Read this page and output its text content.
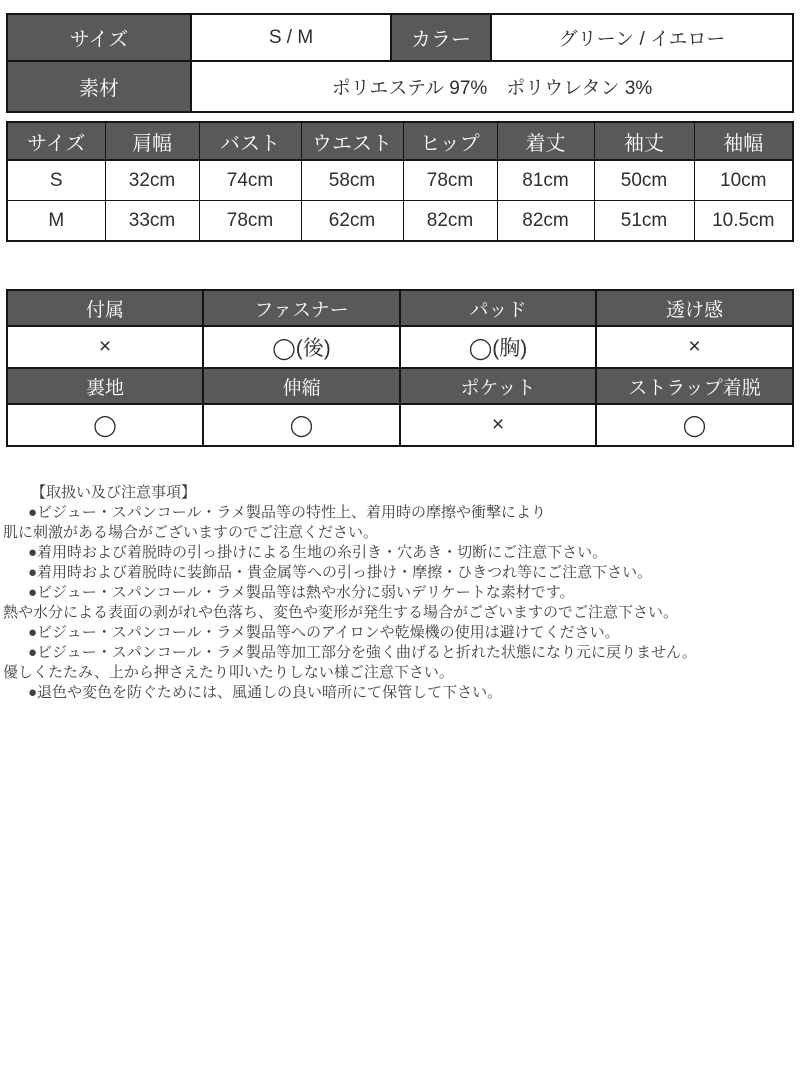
サイズ	S / M	カラー	グリーン / イエロー
素材	ポリエステル 97%　ポリウレタン 3%		
サイズ	肩幅	バスト	ウエスト	ヒップ	着丈	袖丈	袖幅
S	32cm	74cm	58cm	78cm	81cm	50cm	10cm
M	33cm	78cm	62cm	82cm	82cm	51cm	10.5cm
付属	ファスナー	パッド	透け感
×	◯(後)	◯(胸)	×
裏地	伸縮	ポケット	ストラップ着脱
◯	◯	×	◯
【取扱い及び注意事項】
●ビジュー・スパンコール・ラメ製品等の特性上、着用時の摩擦や衝撃により
肌に刺激がある場合がございますのでご注意ください。
●着用時および着脱時の引っ掛けによる生地の糸引き・穴あき・切断にご注意下さい。
●着用時および着脱時に装飾品・貴金属等への引っ掛け・摩擦・ひきつれ等にご注意下さい。
●ビジュー・スパンコール・ラメ製品等は熱や水分に弱いデリケートな素材です。
熱や水分による表面の剥がれや色落ち、変色や変形が発生する場合がございますのでご注意下さい。
●ビジュー・スパンコール・ラメ製品等へのアイロンや乾燥機の使用は避けてください。
●ビジュー・スパンコール・ラメ製品等加工部分を強く曲げると折れた状態になり元に戻りません。
優しくたたみ、上から押さえたり叩いたりしない様ご注意下さい。
●退色や変色を防ぐためには、風通しの良い暗所にて保管して下さい。
